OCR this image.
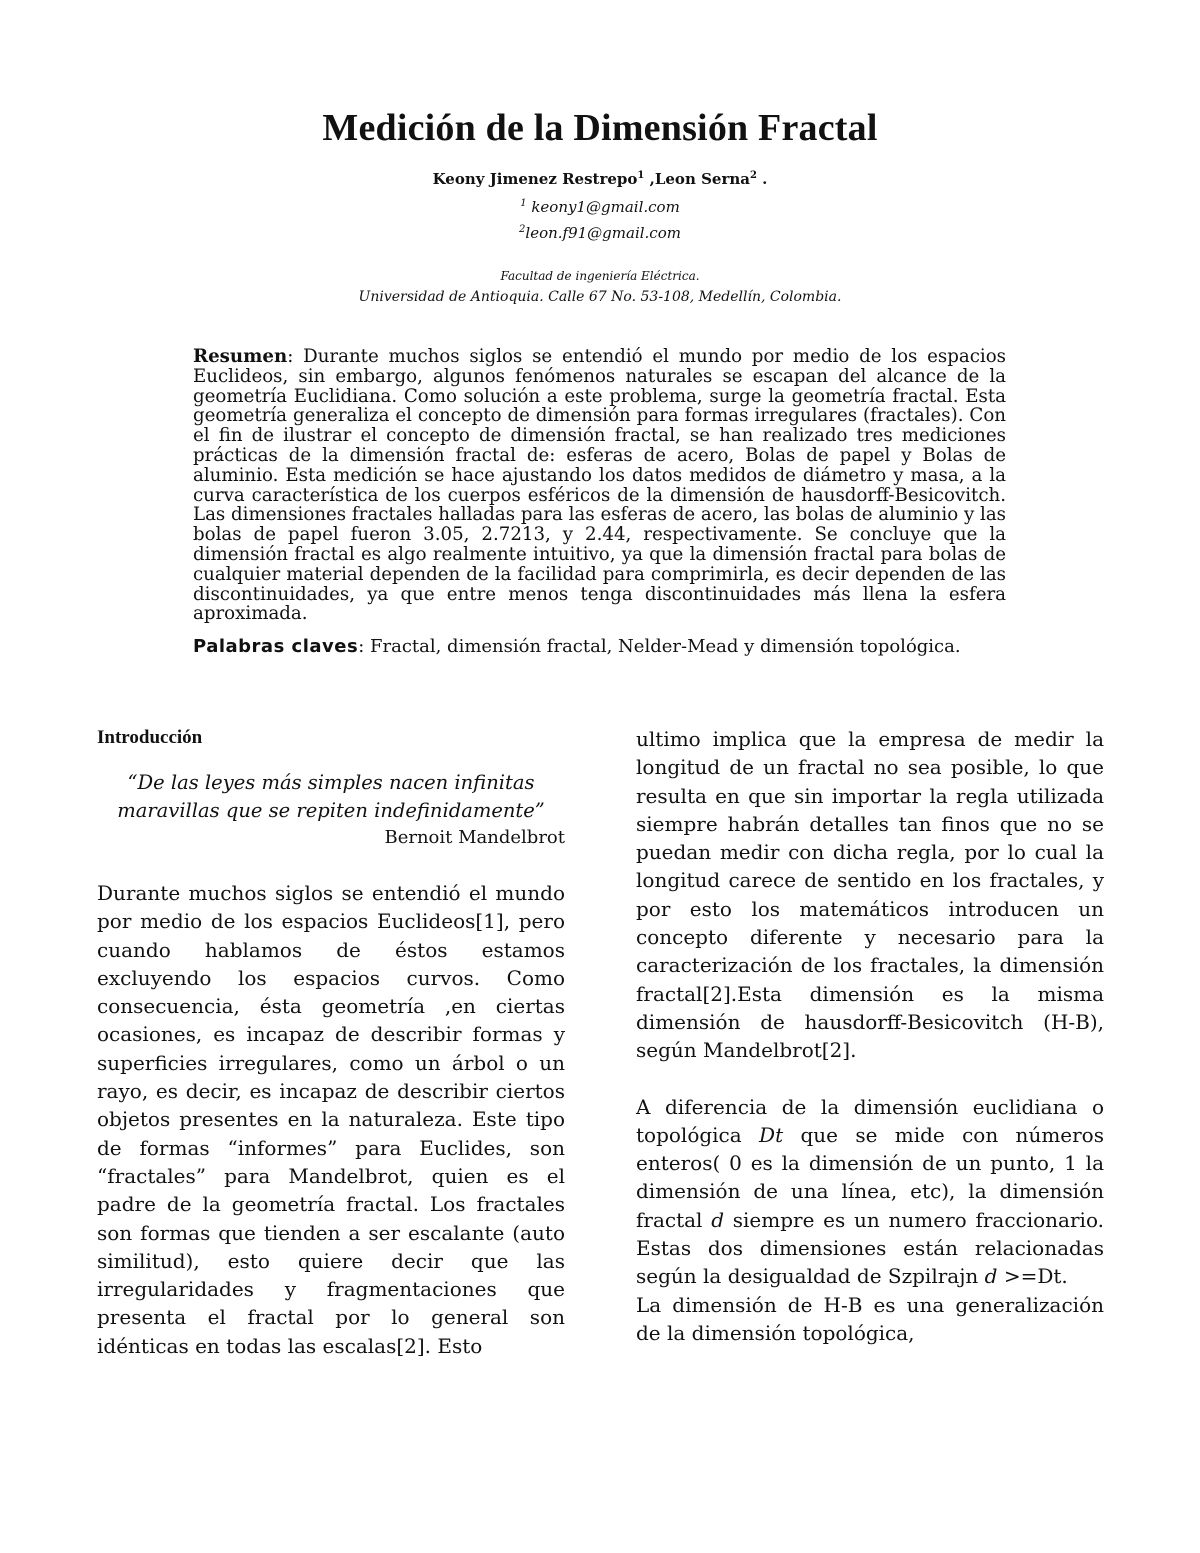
Medición de la Dimensión Fractal
Keony Jimenez Restrepo$^1$ ,Leon Serna$^2$ .
$^1$ keony1@gmail.com
$^2$leon.f91@gmail.com
Facultad de ingeniería Eléctrica.
Universidad de Antioquia. Calle 67 No. 53-108, Medellín, Colombia.
Resumen: Durante muchos siglos se entendió el mundo por medio de los espacios Euclideos, sin embargo, algunos fenómenos naturales se escapan del alcance de la geometría Euclidiana. Como solución a este problema, surge la geometría fractal. Esta geometría generaliza el concepto de dimensión para formas irregulares (fractales). Con el fin de ilustrar el concepto de dimensión fractal, se han realizado tres mediciones prácticas de la dimensión fractal de: esferas de acero, Bolas de papel y Bolas de aluminio. Esta medición se hace ajustando los datos medidos de diámetro y masa, a la curva característica de los cuerpos esféricos de la dimensión de hausdorff-Besicovitch. Las dimensiones fractales halladas para las esferas de acero, las bolas de aluminio y las bolas de papel fueron 3.05, 2.7213, y 2.44, respectivamente. Se concluye que la dimensión fractal es algo realmente intuitivo, ya que la dimensión fractal para bolas de cualquier material dependen de la facilidad para comprimirla, es decir dependen de las discontinuidades, ya que entre menos tenga discontinuidades más llena la esfera aproximada.
Palabras claves: Fractal, dimensión fractal, Nelder-Mead y dimensión topológica.
Introducción

“De las leyes más simples nacen infinitas maravillas que se repiten indefinidamente”

Bernoit Mandelbrot

Durante muchos siglos se entendió el mundo por medio de los espacios Euclideos[1], pero cuando hablamos de éstos estamos excluyendo los espacios curvos. Como consecuencia, ésta geometría ,en ciertas ocasiones, es incapaz de describir formas y superficies irregulares, como un árbol o un rayo, es decir, es incapaz de describir ciertos objetos presentes en la naturaleza. Este tipo de formas “informes” para Euclides, son “fractales” para Mandelbrot, quien es el padre de la geometría fractal. Los fractales son formas que tienden a ser escalante (auto similitud), esto quiere decir que las irregularidades y fragmentaciones que presenta el fractal por lo general son idénticas en todas las escalas[2]. Esto

ultimo implica que la empresa de medir la longitud de un fractal no sea posible, lo que resulta en que sin importar la regla utilizada siempre habrán detalles tan finos que no se puedan medir con dicha regla, por lo cual la longitud carece de sentido en los fractales, y por esto los matemáticos introducen un concepto diferente y necesario para la caracterización de los fractales, la dimensión fractal[2].Esta dimensión es la misma dimensión de hausdorff-Besicovitch (H-B), según Mandelbrot[2].

A diferencia de la dimensión euclidiana o topológica Dt que se mide con números enteros( 0 es la dimensión de un punto, 1 la dimensión de una línea, etc), la dimensión fractal d siempre es un numero fraccionario. Estas dos dimensiones están relacionadas según la desigualdad de Szpilrajn d >=Dt.

La dimensión de H-B es una generalización de la dimensión topológica,
